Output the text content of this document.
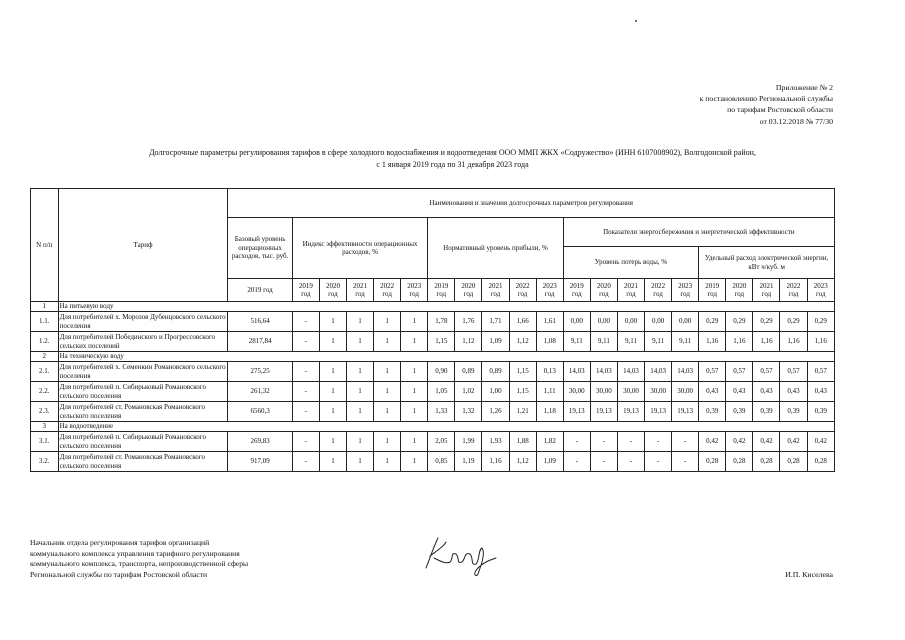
Приложение № 2
к постановлению Региональной службы
по тарифам Ростовской области
от 03.12.2018 № 77/30
Долгосрочные параметры регулирования тарифов в сфере холодного водоснабжения и водоотведения ООО ММП ЖКХ «Содружество» (ИНН 6107008902), Волгодонской район,
с 1 января 2019 года по 31 декабря 2023 года
N п/п	Тариф	Наименования и значения долгосрочных параметров регулирования																				
		Базовый уровень операционных расходов, тыс. руб.	Индекс эффективности операционных расходов, %					Нормативный уровень прибыли, %					Показатели энергосбережения и энергетической эффективности									
													Уровень потерь воды, %					Удельный расход электрической энергии, кВт ч/куб. м				
		2019 год	2019 год	2020 год	2021 год	2022 год	2023 год	2019 год	2020 год	2021 год	2022 год	2023 год	2019 год	2020 год	2021 год	2022 год	2023 год	2019 год	2020 год	2021 год	2022 год	2023 год
1	На питьевую воду																					
1.1.	Для потребителей х. Морозов Дубенцовского сельского поселения	516,64	-	1	1	1	1	1,78	1,76	1,71	1,66	1,61	0,00	0,00	0,00	0,00	0,00	0,29	0,29	0,29	0,29	0,29
1.2.	Для потребителей Побединского и Прогрессовского сельских поселений	2817,84	-	1	1	1	1	1,15	1,12	1,09	1,12	1,08	9,11	9,11	9,11	9,11	9,11	1,16	1,16	1,16	1,16	1,16
2	На техническую воду																					
2.1.	Для потребителей х. Семенкин Романовского сельского поселения	275,25	-	1	1	1	1	0,90	0,89	0,89	1,15	0,13	14,03	14,03	14,03	14,03	14,03	0,57	0,57	0,57	0,57	0,57
2.2.	Для потребителей п. Сибирьковый Романовского сельского поселения	261,32	-	1	1	1	1	1,05	1,02	1,00	1,15	1,11	30,00	30,00	30,00	30,00	30,00	0,43	0,43	0,43	0,43	0,43
2.3.	Для потребителей ст. Романовская Романовского сельского поселения	6560,3	-	1	1	1	1	1,33	1,32	1,26	1,21	1,18	19,13	19,13	19,13	19,13	19,13	0,39	0,39	0,39	0,39	0,39
3	На водоотведение																					
3.1.	Для потребителей п. Сибирьковый Романовского сельского поселения	269,83	-	1	1	1	1	2,05	1,99	1,93	1,88	1,82	-	-	-	-	-	0,42	0,42	0,42	0,42	0,42
3.2.	Для потребителей ст. Романовская Романовского сельского поселения	917,09	-	1	1	1	1	0,85	1,19	1,16	1,12	1,09	-	-	-	-	-	0,28	0,28	0,28	0,28	0,28
Начальник отдела регулирования тарифов организаций
коммунального комплекса управления тарифного регулирования
коммунального комплекса, транспорта, непроизводственной сферы
Региональной службы по тарифам Ростовской области	И.П. Киселева
